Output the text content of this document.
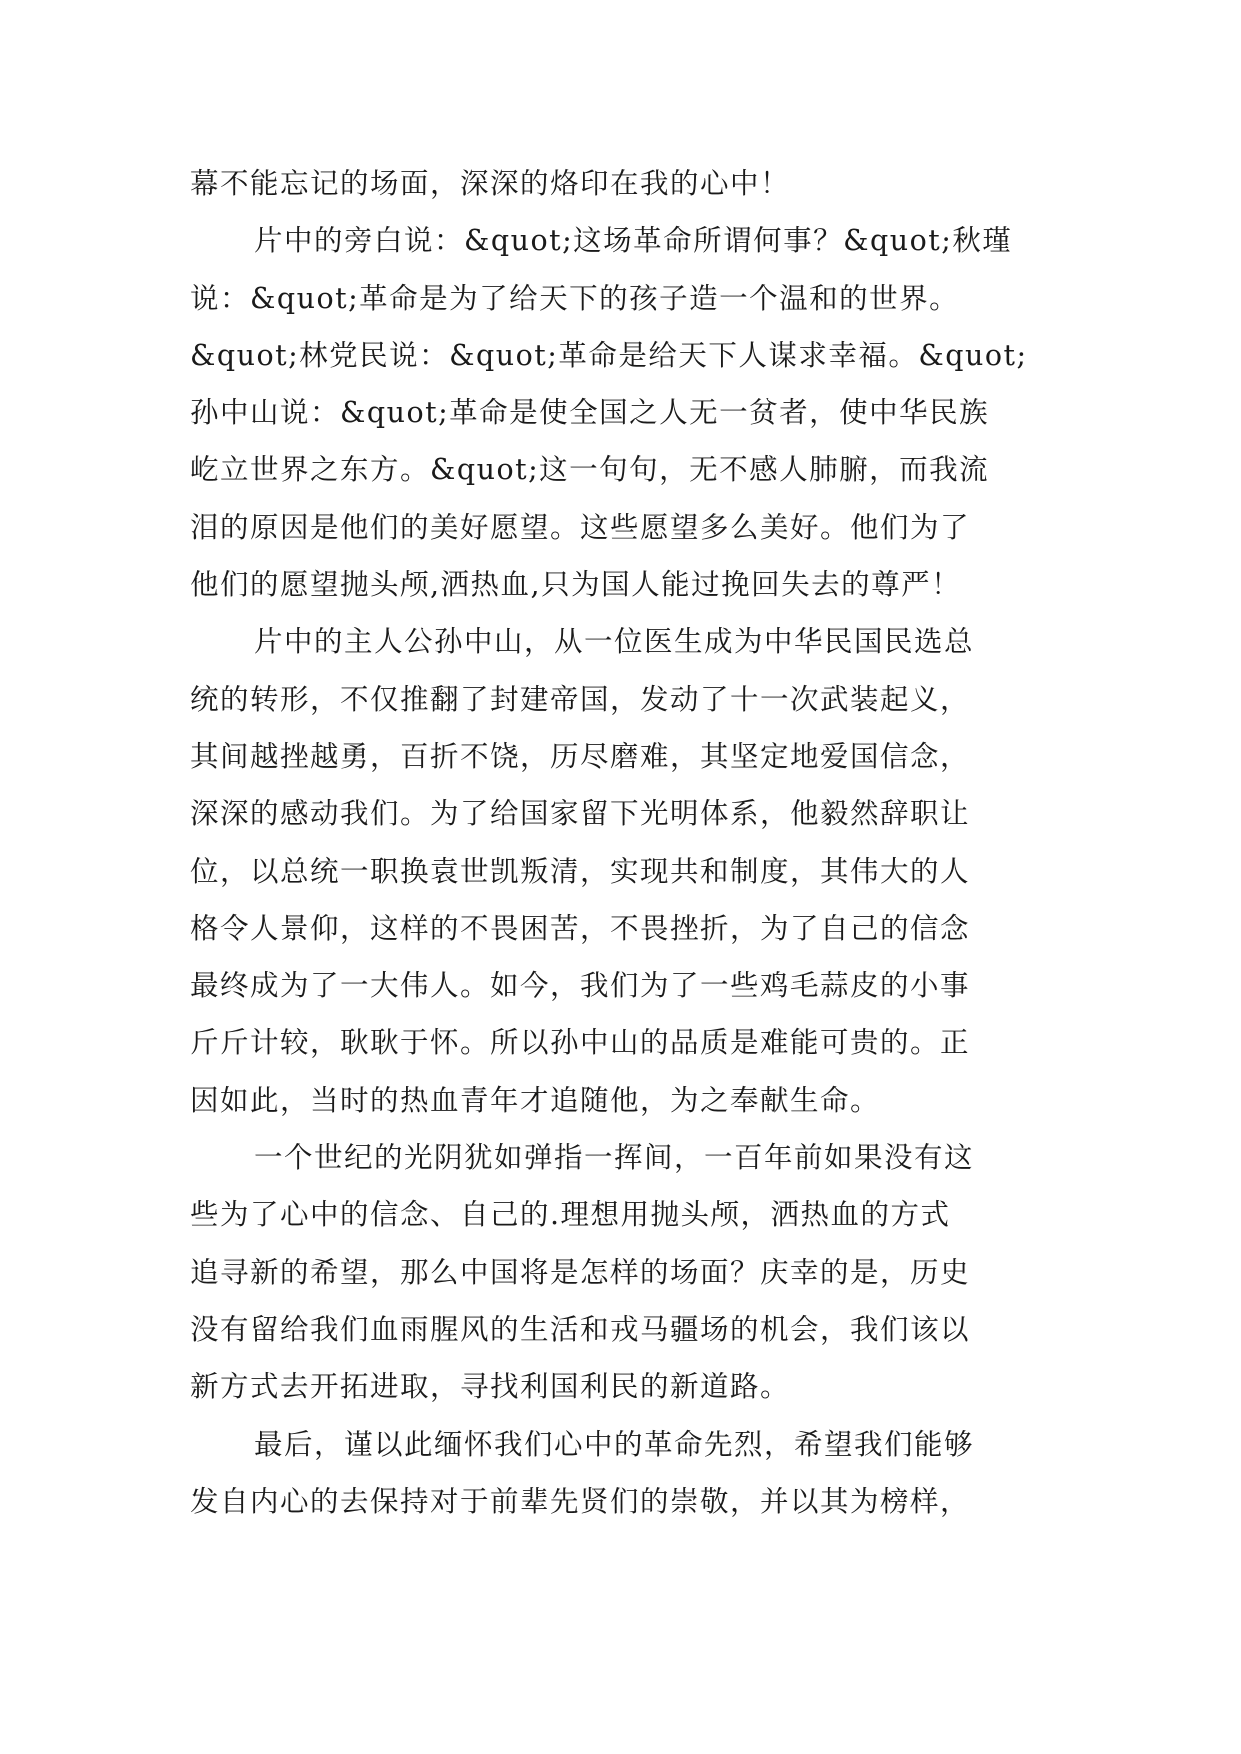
幕不能忘记的场面，深深的烙印在我的心中！
片中的旁白说：&quot;这场革命所谓何事？&quot;秋瑾
说：&quot;革命是为了给天下的孩子造一个温和的世界。
&quot;林党民说：&quot;革命是给天下人谋求幸福。&quot;
孙中山说：&quot;革命是使全国之人无一贫者，使中华民族
屹立世界之东方。&quot;这一句句，无不感人肺腑，而我流
泪的原因是他们的美好愿望。这些愿望多么美好。他们为了
他们的愿望抛头颅,洒热血,只为国人能过挽回失去的尊严！
片中的主人公孙中山，从一位医生成为中华民国民选总
统的转形，不仅推翻了封建帝国，发动了十一次武装起义，
其间越挫越勇，百折不饶，历尽磨难，其坚定地爱国信念，
深深的感动我们。为了给国家留下光明体系，他毅然辞职让
位，以总统一职换袁世凯叛清，实现共和制度，其伟大的人
格令人景仰，这样的不畏困苦，不畏挫折，为了自己的信念
最终成为了一大伟人。如今，我们为了一些鸡毛蒜皮的小事
斤斤计较，耿耿于怀。所以孙中山的品质是难能可贵的。正
因如此，当时的热血青年才追随他，为之奉献生命。
一个世纪的光阴犹如弹指一挥间，一百年前如果没有这
些为了心中的信念、自己的.理想用抛头颅，洒热血的方式
追寻新的希望，那么中国将是怎样的场面？庆幸的是，历史
没有留给我们血雨腥风的生活和戎马疆场的机会，我们该以
新方式去开拓进取，寻找利国利民的新道路。
最后，谨以此缅怀我们心中的革命先烈，希望我们能够
发自内心的去保持对于前辈先贤们的崇敬，并以其为榜样，
